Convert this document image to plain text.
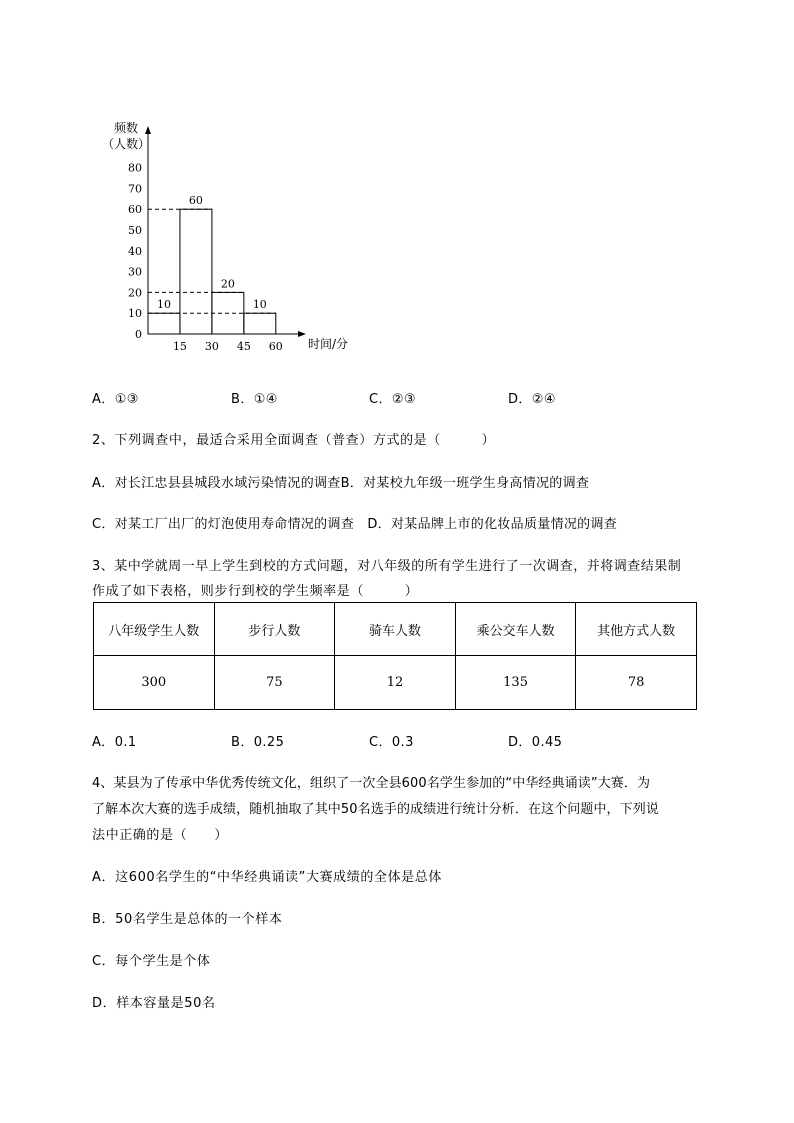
频数
（人数）
时间/分
0
10
20
30
40
50
60
70
80
15 30 45 60
10
60
20
10
A．①③	B．①④	C．②③	D．②④
2、下列调查中，最适合采用全面调查（普查）方式的是（　　　）
A．对长江忠县县城段水域污染情况的调查B．对某校九年级一班学生身高情况的调查
C．对某工厂出厂的灯泡使用寿命情况的调查　D．对某品牌上市的化妆品质量情况的调查
3、某中学就周一早上学生到校的方式问题，对八年级的所有学生进行了一次调查，并将调查结果制
作成了如下表格，则步行到校的学生频率是（　　　）
八年级学生人数	步行人数	骑车人数	乘公交车人数	其他方式人数
300	75	12	135	78
A．0.1	B．0.25	C．0.3	D．0.45
4、某县为了传承中华优秀传统文化，组织了一次全县600名学生参加的“中华经典诵读”大赛．为
了解本次大赛的选手成绩，随机抽取了其中50名选手的成绩进行统计分析．在这个问题中，下列说
法中正确的是（　　）
A．这600名学生的“中华经典诵读”大赛成绩的全体是总体
B．50名学生是总体的一个样本
C．每个学生是个体
D．样本容量是50名
